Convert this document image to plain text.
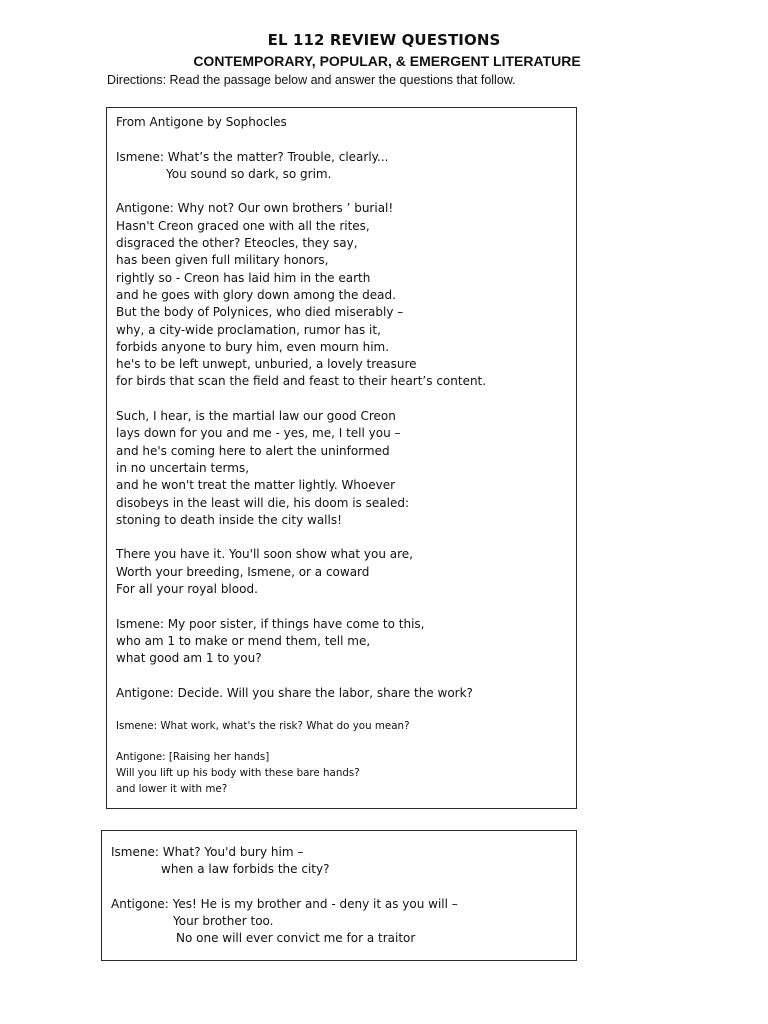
EL 112 REVIEW QUESTIONS
CONTEMPORARY, POPULAR, & EMERGENT LITERATURE
Directions: Read the passage below and answer the questions that follow.
From Antigone by Sophocles
Ismene: What’s the matter? Trouble, clearly...
You sound so dark, so grim.
Antigone: Why not? Our own brothers ’ burial!
Hasn't Creon graced one with all the rites,
disgraced the other? Eteocles, they say,
has been given full military honors,
rightly so - Creon has laid him in the earth
and he goes with glory down among the dead.
But the body of Polynices, who died miserably –
why, a city-wide proclamation, rumor has it,
forbids anyone to bury him, even mourn him.
he's to be left unwept, unburied, a lovely treasure
for birds that scan the field and feast to their heart’s content.
Such, I hear, is the martial law our good Creon
lays down for you and me - yes, me, I tell you –
and he's coming here to alert the uninformed
in no uncertain terms,
and he won't treat the matter lightly. Whoever
disobeys in the least will die, his doom is sealed:
stoning to death inside the city walls!
There you have it. You'll soon show what you are,
Worth your breeding, Ismene, or a coward
For all your royal blood.
Ismene: My poor sister, if things have come to this,
who am 1 to make or mend them, tell me,
what good am 1 to you?
Antigone: Decide. Will you share the labor, share the work?
Ismene: What work, what's the risk? What do you mean?
Antigone: [Raising her hands]
Will you lift up his body with these bare hands?
and lower it with me?
Ismene: What? You'd bury him –
when a law forbids the city?
Antigone: Yes! He is my brother and - deny it as you will –
Your brother too.
No one will ever convict me for a traitor
